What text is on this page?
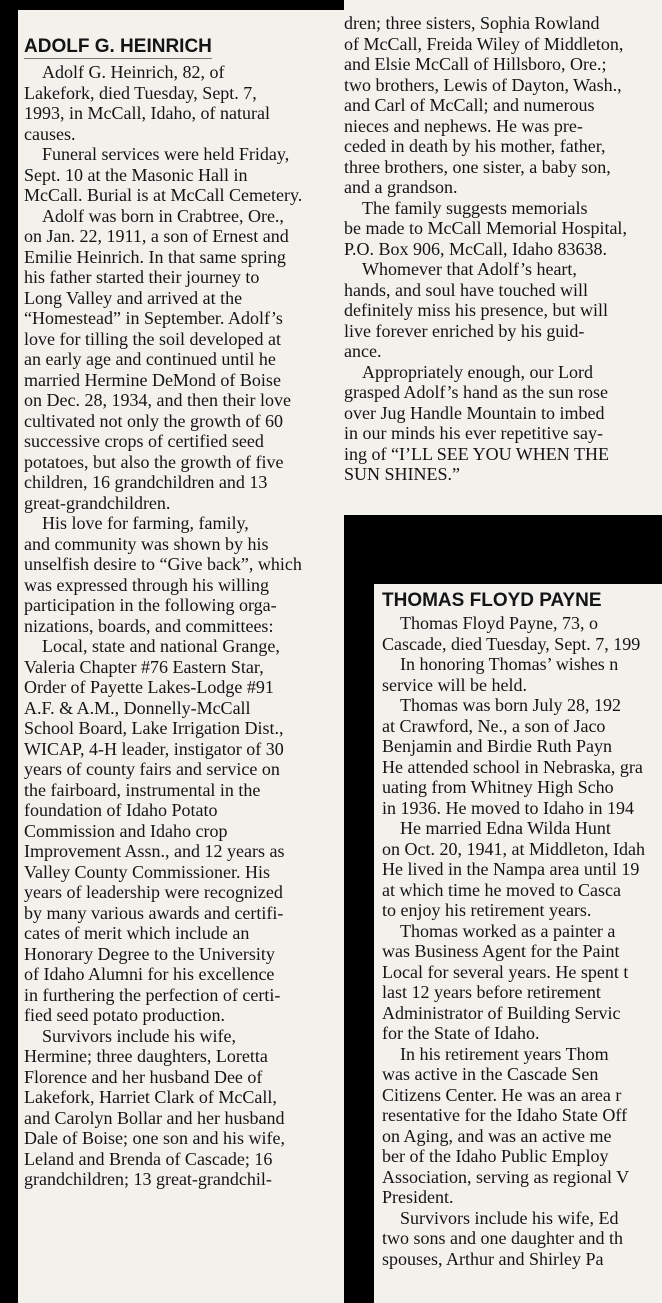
ADOLF G. HEINRICH
 Adolf G. Heinrich, 82, of
Lakefork, died Tuesday, Sept. 7,
1993, in McCall, Idaho, of natural
causes.
 Funeral services were held Friday,
Sept. 10 at the Masonic Hall in
McCall. Burial is at McCall Cemetery.
 Adolf was born in Crabtree, Ore.,
on Jan. 22, 1911, a son of Ernest and
Emilie Heinrich. In that same spring
his father started their journey to
Long Valley and arrived at the
“Homestead” in September. Adolf’s
love for tilling the soil developed at
an early age and continued until he
married Hermine DeMond of Boise
on Dec. 28, 1934, and then their love
cultivated not only the growth of 60
successive crops of certified seed
potatoes, but also the growth of five
children, 16 grandchildren and 13
great-grandchildren.
 His love for farming, family,
and community was shown by his
unselfish desire to “Give back”, which
was expressed through his willing
participation in the following orga-
nizations, boards, and committees:
 Local, state and national Grange,
Valeria Chapter #76 Eastern Star,
Order of Payette Lakes-Lodge #91
A.F. & A.M., Donnelly-McCall
School Board, Lake Irrigation Dist.,
WICAP, 4-H leader, instigator of 30
years of county fairs and service on
the fairboard, instrumental in the
foundation of Idaho Potato
Commission and Idaho crop
Improvement Assn., and 12 years as
Valley County Commissioner. His
years of leadership were recognized
by many various awards and certifi-
cates of merit which include an
Honorary Degree to the University
of Idaho Alumni for his excellence
in furthering the perfection of certi-
fied seed potato production.
 Survivors include his wife,
Hermine; three daughters, Loretta
Florence and her husband Dee of
Lakefork, Harriet Clark of McCall,
and Carolyn Bollar and her husband
Dale of Boise; one son and his wife,
Leland and Brenda of Cascade; 16
grandchildren; 13 great-grandchil-
dren; three sisters, Sophia Rowland
of McCall, Freida Wiley of Middleton,
and Elsie McCall of Hillsboro, Ore.;
two brothers, Lewis of Dayton, Wash.,
and Carl of McCall; and numerous
nieces and nephews. He was pre-
ceded in death by his mother, father,
three brothers, one sister, a baby son,
and a grandson.
 The family suggests memorials
be made to McCall Memorial Hospital,
P.O. Box 906, McCall, Idaho 83638.
 Whomever that Adolf’s heart,
hands, and soul have touched will
definitely miss his presence, but will
live forever enriched by his guid-
ance.
 Appropriately enough, our Lord
grasped Adolf’s hand as the sun rose
over Jug Handle Mountain to imbed
in our minds his ever repetitive say-
ing of “I’LL SEE YOU WHEN THE
SUN SHINES.”
THOMAS FLOYD PAYNE
 Thomas Floyd Payne, 73, o
Cascade, died Tuesday, Sept. 7, 199
 In honoring Thomas’ wishes n
service will be held.
 Thomas was born July 28, 192
at Crawford, Ne., a son of Jaco
Benjamin and Birdie Ruth Payn
He attended school in Nebraska, gra
uating from Whitney High Scho
in 1936. He moved to Idaho in 194
 He married Edna Wilda Hunt
on Oct. 20, 1941, at Middleton, Idah
He lived in the Nampa area until 19
at which time he moved to Casca
to enjoy his retirement years.
 Thomas worked as a painter a
was Business Agent for the Paint
Local for several years. He spent t
last 12 years before retirement
Administrator of Building Servic
for the State of Idaho.
 In his retirement years Thom
was active in the Cascade Sen
Citizens Center. He was an area r
resentative for the Idaho State Off
on Aging, and was an active me
ber of the Idaho Public Employ
Association, serving as regional V
President.
 Survivors include his wife, Ed
two sons and one daughter and th
spouses, Arthur and Shirley Pa
